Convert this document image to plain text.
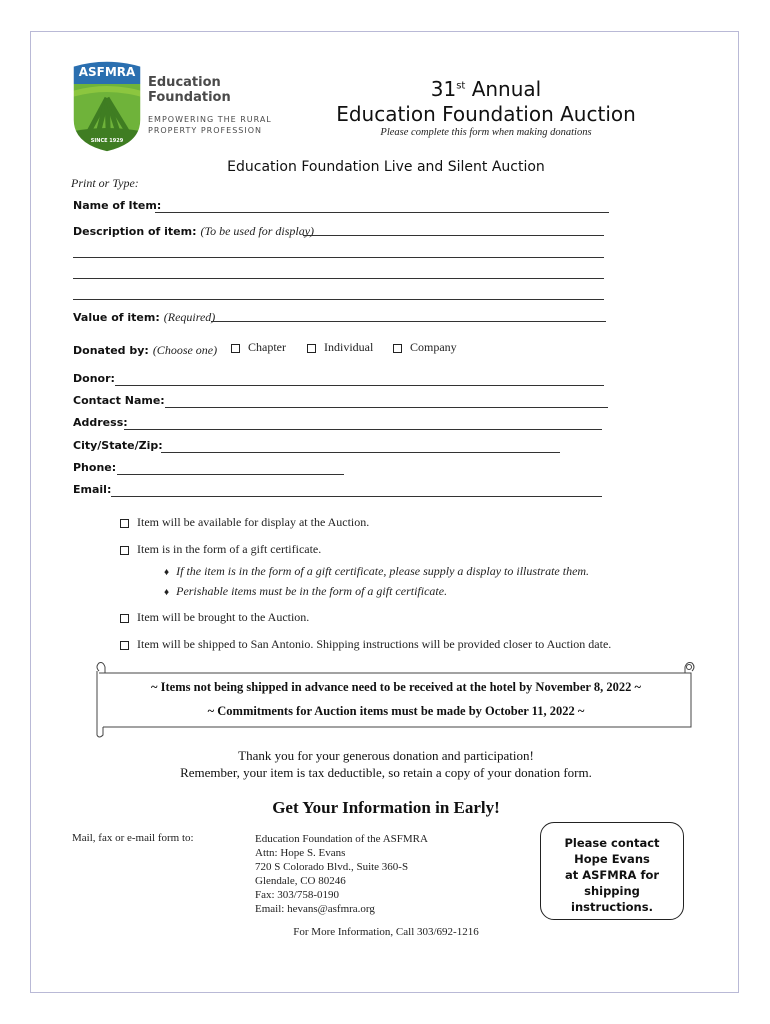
ASFMRA
SINCE 1929
Education
Foundation
EMPOWERING THE RURAL
PROPERTY PROFESSION
31st Annual
Education Foundation Auction
Please complete this form when making donations
Education Foundation Live and Silent Auction
Print or Type:
Name of Item:
Description of item: (To be used for display)
Value of item: (Required)
Donated by: (Choose one)	Chapter	Individual	Company
Donor:
Contact Name:
Address:
City/State/Zip:
Phone:
Email:
Item will be available for display at the Auction.
Item is in the form of a gift certificate.
♦ If the item is in the form of a gift certificate, please supply a display to illustrate them.
♦ Perishable items must be in the form of a gift certificate.
Item will be brought to the Auction.
Item will be shipped to San Antonio. Shipping instructions will be provided closer to Auction date.
~ Items not being shipped in advance need to be received at the hotel by November 8, 2022 ~
~ Commitments for Auction items must be made by October 11, 2022 ~
Thank you for your generous donation and participation!
Remember, your item is tax deductible, so retain a copy of your donation form.
Get Your Information in Early!
Mail, fax or e-mail form to:	Education Foundation of the ASFMRA
Attn: Hope S. Evans
720 S Colorado Blvd., Suite 360-S
Glendale, CO 80246
Fax: 303/758-0190
Email: hevans@asfmra.org
Please contact
Hope Evans
at ASFMRA for
shipping
instructions.
For More Information, Call 303/692-1216
